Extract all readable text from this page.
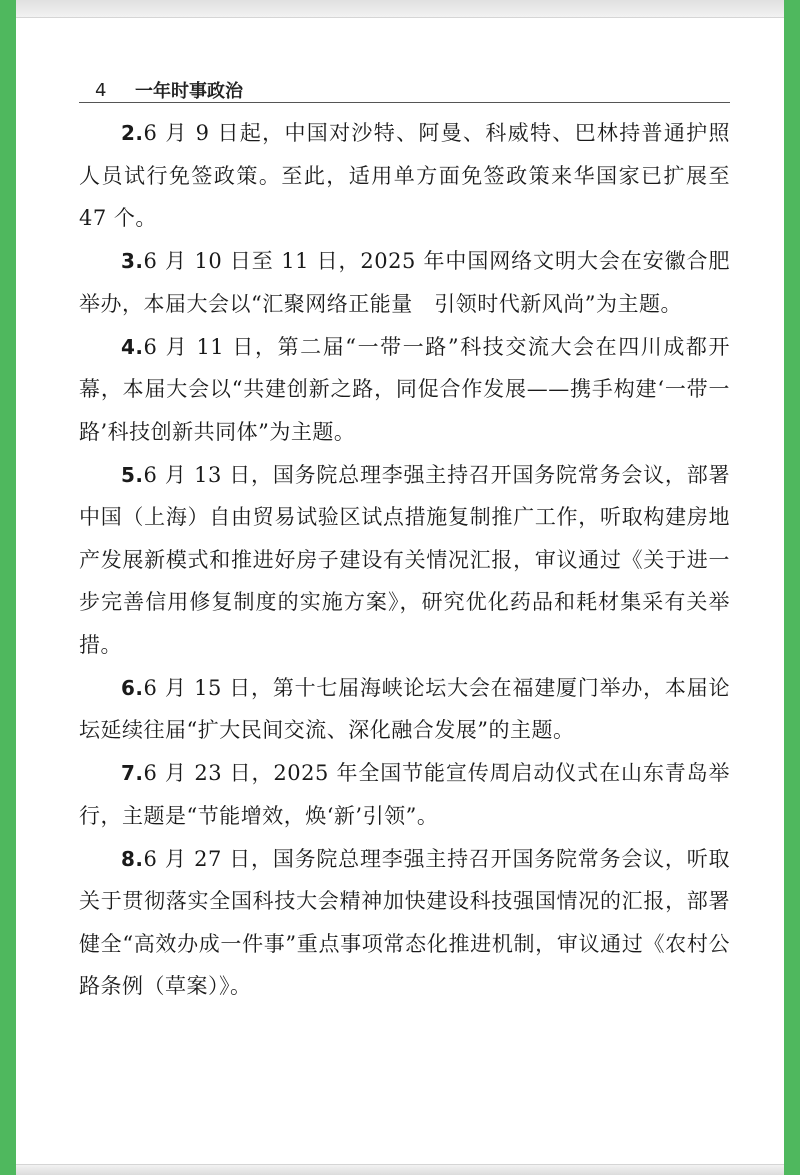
4	一年时事政治

2.6 月 9 日起，中国对沙特、阿曼、科威特、巴林持普通护照人员试行免签政策。至此，适用单方面免签政策来华国家已扩展至 47 个。

3.6 月 10 日至 11 日，2025 年中国网络文明大会在安徽合肥举办，本届大会以“汇聚网络正能量　引领时代新风尚”为主题。

4.6 月 11 日，第二届“一带一路”科技交流大会在四川成都开幕，本届大会以“共建创新之路，同促合作发展——携手构建‘一带一路’科技创新共同体”为主题。

5.6 月 13 日，国务院总理李强主持召开国务院常务会议，部署中国（上海）自由贸易试验区试点措施复制推广工作，听取构建房地产发展新模式和推进好房子建设有关情况汇报，审议通过《关于进一步完善信用修复制度的实施方案》，研究优化药品和耗材集采有关举措。

6.6 月 15 日，第十七届海峡论坛大会在福建厦门举办，本届论坛延续往届“扩大民间交流、深化融合发展”的主题。

7.6 月 23 日，2025 年全国节能宣传周启动仪式在山东青岛举行，主题是“节能增效，焕‘新’引领”。

8.6 月 27 日，国务院总理李强主持召开国务院常务会议，听取关于贯彻落实全国科技大会精神加快建设科技强国情况的汇报，部署健全“高效办成一件事”重点事项常态化推进机制，审议通过《农村公路条例（草案）》。
